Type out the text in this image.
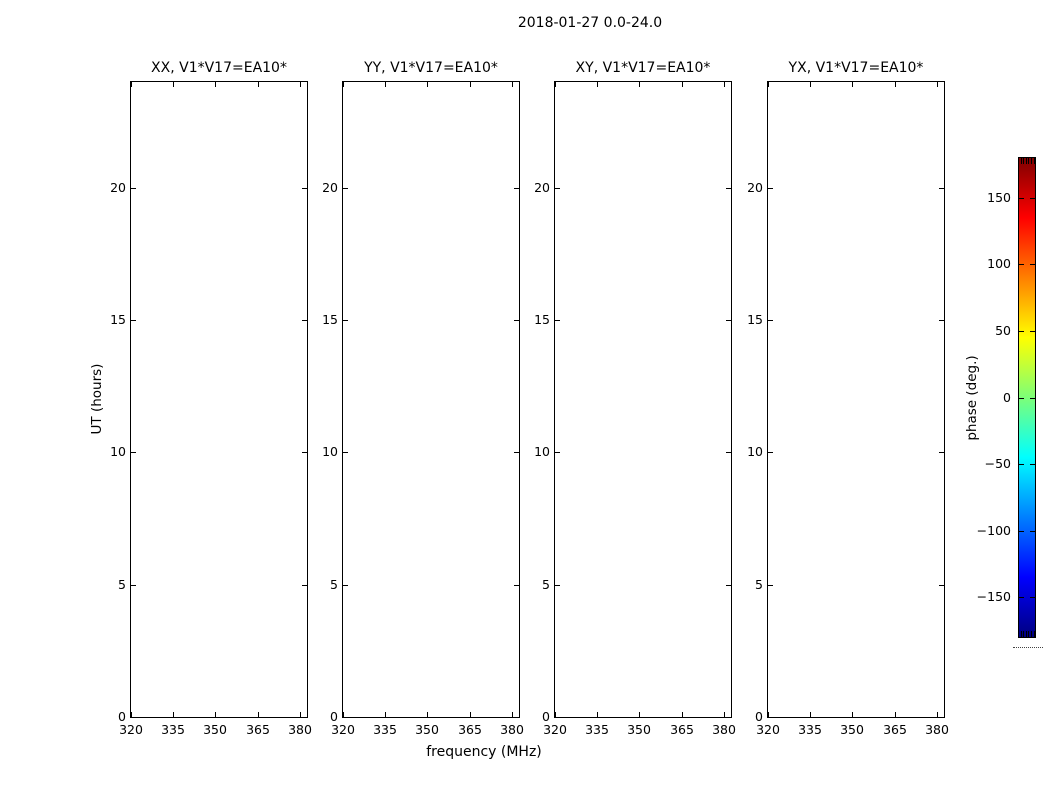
2018-01-27 0.0-24.0
XX, V1*V17=EA10*
320 335 350 365 380
0
5
10
15
20
YY, V1*V17=EA10*
320 335 350 365 380
0
5
10
15
20
XY, V1*V17=EA10*
320 335 350 365 380
0
5
10
15
20
YX, V1*V17=EA10*
320 335 350 365 380
0
5
10
15
20
frequency (MHz)
UT (hours)
150
100
50
0
−50
−100
−150
phase (deg.)
